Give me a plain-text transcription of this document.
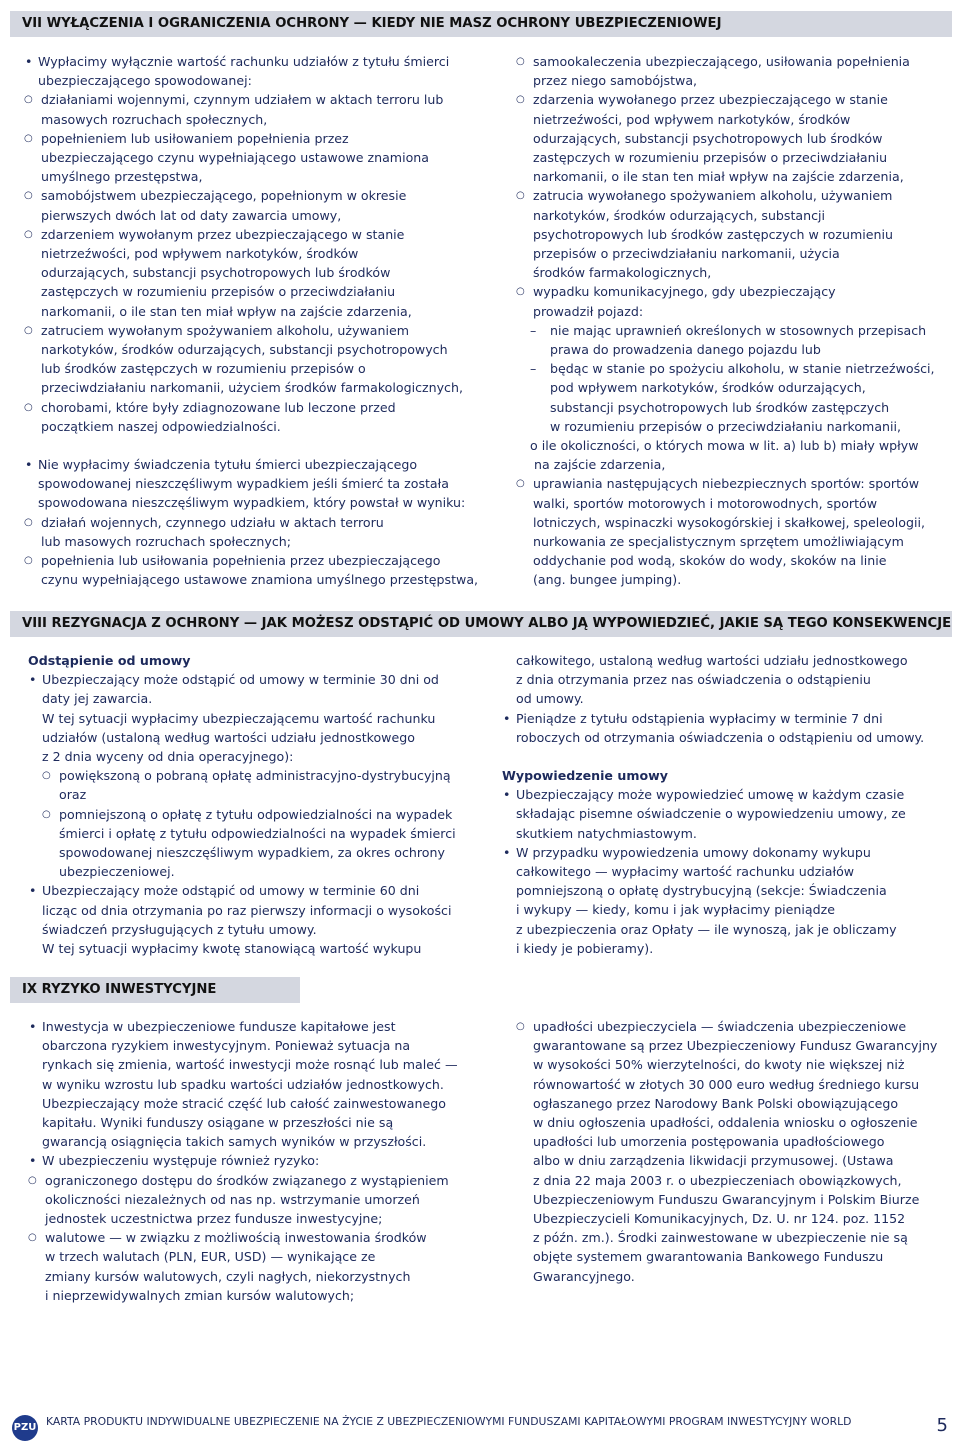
VII WYŁĄCZENIA I OGRANICZENIA OCHRONY — KIEDY NIE MASZ OCHRONY UBEZPIECZENIOWEJ

• Wypłacimy wyłącznie wartość rachunku udziałów z tytułu śmierci
ubezpieczającego spowodowanej:

○ działaniami wojennymi, czynnym udziałem w aktach terroru lub
masowych rozruchach społecznych,

○ popełnieniem lub usiłowaniem popełnienia przez
ubezpieczającego czynu wypełniającego ustawowe znamiona
umyślnego przestępstwa,

○ samobójstwem ubezpieczającego, popełnionym w okresie
pierwszych dwóch lat od daty zawarcia umowy,

○ zdarzeniem wywołanym przez ubezpieczającego w stanie
nietrzeźwości, pod wpływem narkotyków, środków
odurzających, substancji psychotropowych lub środków
zastępczych w rozumieniu przepisów o przeciwdziałaniu
narkomanii, o ile stan ten miał wpływ na zajście zdarzenia,

○ zatruciem wywołanym spożywaniem alkoholu, używaniem
narkotyków, środków odurzających, substancji psychotropowych
lub środków zastępczych w rozumieniu przepisów o
przeciwdziałaniu narkomanii, użyciem środków farmakologicznych,

○ chorobami, które były zdiagnozowane lub leczone przed
początkiem naszej odpowiedzialności.

• Nie wypłacimy świadczenia tytułu śmierci ubezpieczającego
spowodowanej nieszczęśliwym wypadkiem jeśli śmierć ta została
spowodowana nieszczęśliwym wypadkiem, który powstał w wyniku:

○ działań wojennych, czynnego udziału w aktach terroru
lub masowych rozruchach społecznych;

○ popełnienia lub usiłowania popełnienia przez ubezpieczającego
czynu wypełniającego ustawowe znamiona umyślnego przestępstwa,

○ samookaleczenia ubezpieczającego, usiłowania popełnienia
przez niego samobójstwa,

○ zdarzenia wywołanego przez ubezpieczającego w stanie
nietrzeźwości, pod wpływem narkotyków, środków
odurzających, substancji psychotropowych lub środków
zastępczych w rozumieniu przepisów o przeciwdziałaniu
narkomanii, o ile stan ten miał wpływ na zajście zdarzenia,

○ zatrucia wywołanego spożywaniem alkoholu, używaniem
narkotyków, środków odurzających, substancji
psychotropowych lub środków zastępczych w rozumieniu
przepisów o przeciwdziałaniu narkomanii, użycia
środków farmakologicznych,

○ wypadku komunikacyjnego, gdy ubezpieczający
prowadził pojazd:

– nie mając uprawnień określonych w stosownych przepisach
prawa do prowadzenia danego pojazdu lub

– będąc w stanie po spożyciu alkoholu, w stanie nietrzeźwości,
pod wpływem narkotyków, środków odurzających,
substancji psychotropowych lub środków zastępczych
w rozumieniu przepisów o przeciwdziałaniu narkomanii,

o ile okoliczności, o których mowa w lit. a) lub b) miały wpływ
na zajście zdarzenia,

○ uprawiania następujących niebezpiecznych sportów: sportów
walki, sportów motorowych i motorowodnych, sportów
lotniczych, wspinaczki wysokogórskiej i skałkowej, speleologii,
nurkowania ze specjalistycznym sprzętem umożliwiającym
oddychanie pod wodą, skoków do wody, skoków na linie
(ang. bungee jumping).

VIII REZYGNACJA Z OCHRONY — JAK MOŻESZ ODSTĄPIĆ OD UMOWY ALBO JĄ WYPOWIEDZIEĆ, JAKIE SĄ TEGO KONSEKWENCJE

Odstąpienie od umowy

• Ubezpieczający może odstąpić od umowy w terminie 30 dni od
daty jej zawarcia.
W tej sytuacji wypłacimy ubezpieczającemu wartość rachunku
udziałów (ustaloną według wartości udziału jednostkowego
z 2 dnia wyceny od dnia operacyjnego):

○ powiększoną o pobraną opłatę administracyjno-dystrybucyjną
oraz

○ pomniejszoną o opłatę z tytułu odpowiedzialności na wypadek
śmierci i opłatę z tytułu odpowiedzialności na wypadek śmierci
spowodowanej nieszczęśliwym wypadkiem, za okres ochrony
ubezpieczeniowej.

• Ubezpieczający może odstąpić od umowy w terminie 60 dni
licząc od dnia otrzymania po raz pierwszy informacji o wysokości
świadczeń przysługujących z tytułu umowy.
W tej sytuacji wypłacimy kwotę stanowiącą wartość wykupu

całkowitego, ustaloną według wartości udziału jednostkowego
z dnia otrzymania przez nas oświadczenia o odstąpieniu
od umowy.

• Pieniądze z tytułu odstąpienia wypłacimy w terminie 7 dni
roboczych od otrzymania oświadczenia o odstąpieniu od umowy.

Wypowiedzenie umowy

• Ubezpieczający może wypowiedzieć umowę w każdym czasie
składając pisemne oświadczenie o wypowiedzeniu umowy, ze
skutkiem natychmiastowym.

• W przypadku wypowiedzenia umowy dokonamy wykupu
całkowitego — wypłacimy wartość rachunku udziałów
pomniejszoną o opłatę dystrybucyjną (sekcje: Świadczenia
i wykupy — kiedy, komu i jak wypłacimy pieniądze
z ubezpieczenia oraz Opłaty — ile wynoszą, jak je obliczamy
i kiedy je pobieramy).

IX RYZYKO INWESTYCYJNE

• Inwestycja w ubezpieczeniowe fundusze kapitałowe jest
obarczona ryzykiem inwestycyjnym. Ponieważ sytuacja na
rynkach się zmienia, wartość inwestycji może rosnąć lub maleć —
w wyniku wzrostu lub spadku wartości udziałów jednostkowych.
Ubezpieczający może stracić część lub całość zainwestowanego
kapitału. Wyniki funduszy osiągane w przeszłości nie są
gwarancją osiągnięcia takich samych wyników w przyszłości.

• W ubezpieczeniu występuje również ryzyko:

○ ograniczonego dostępu do środków związanego z wystąpieniem
okoliczności niezależnych od nas np. wstrzymanie umorzeń
jednostek uczestnictwa przez fundusze inwestycyjne;

○ walutowe — w związku z możliwością inwestowania środków
w trzech walutach (PLN, EUR, USD) — wynikające ze
zmiany kursów walutowych, czyli nagłych, niekorzystnych
i nieprzewidywalnych zmian kursów walutowych;

○ upadłości ubezpieczyciela — świadczenia ubezpieczeniowe
gwarantowane są przez Ubezpieczeniowy Fundusz Gwarancyjny
w wysokości 50% wierzytelności, do kwoty nie większej niż
równowartość w złotych 30 000 euro według średniego kursu
ogłaszanego przez Narodowy Bank Polski obowiązującego
w dniu ogłoszenia upadłości, oddalenia wniosku o ogłoszenie
upadłości lub umorzenia postępowania upadłościowego
albo w dniu zarządzenia likwidacji przymusowej. (Ustawa
z dnia 22 maja 2003 r. o ubezpieczeniach obowiązkowych,
Ubezpieczeniowym Funduszu Gwarancyjnym i Polskim Biurze
Ubezpieczycieli Komunikacyjnych, Dz. U. nr 124. poz. 1152
z późn. zm.). Środki zainwestowane w ubezpieczenie nie są
objęte systemem gwarantowania Bankowego Funduszu
Gwarancyjnego.

PZU KARTA PRODUKTU INDYWIDUALNE UBEZPIECZENIE NA ŻYCIE Z UBEZPIECZENIOWYMI FUNDUSZAMI KAPITAŁOWYMI PROGRAM INWESTYCYJNY WORLD	5
